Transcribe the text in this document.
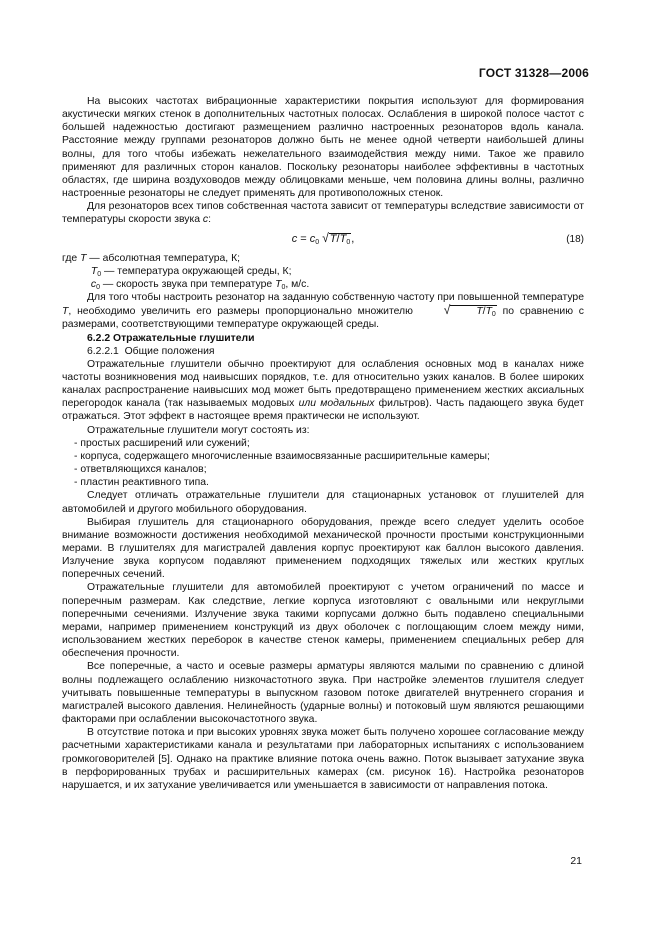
ГОСТ 31328—2006

На высоких частотах вибрационные характеристики покрытия используют для формирования акустически мягких стенок в дополнительных частотных полосах. Ослабления в широкой полосе частот с большей надежностью достигают размещением различно настроенных резонаторов вдоль канала. Расстояние между группами резонаторов должно быть не менее одной четверти наибольшей длины волны, для того чтобы избежать нежелательного взаимодействия между ними. Такое же правило применяют для различных сторон каналов. Поскольку резонаторы наиболее эффективны в частотных областях, где ширина воздуховодов между облицовками меньше, чем половина длины волны, различно настроенные резонаторы не следует применять для противоположных стенок.

Для резонаторов всех типов собственная частота зависит от температуры вследствие зависимости от температуры скорости звука c:

$c = c_0$ $√T/T_0$,	(18)

где T — абсолютная температура, К;

$T_0$ — температура окружающей среды, К;

$c_0$ — скорость звука при температуре $T_0$, м/с.

Для того чтобы настроить резонатор на заданную собственную частоту при повышенной температуре T, необходимо увеличить его размеры пропорционально множителю √	$T/T_0$ по сравнению с размерами, соответствующими температуре окружающей среды.

6.2.2 Отражательные глушители

6.2.2.1 Общие положения

Отражательные глушители обычно проектируют для ослабления основных мод в каналах ниже частоты возникновения мод наивысших порядков, т.е. для относительно узких каналов. В более широких каналах распространение наивысших мод может быть предотвращено применением жестких аксиальных перегородок канала (так называемых модовых или модальных фильтров). Часть падающего звука будет отражаться. Этот эффект в настоящее время практически не используют.

Отражательные глушители могут состоять из:

- простых расширений или сужений;

- корпуса, содержащего многочисленные взаимосвязанные расширительные камеры;

- ответвляющихся каналов;

- пластин реактивного типа.

Следует отличать отражательные глушители для стационарных установок от глушителей для автомобилей и другого мобильного оборудования.

Выбирая глушитель для стационарного оборудования, прежде всего следует уделить особое внимание возможности достижения необходимой механической прочности простыми конструкционными мерами. В глушителях для магистралей давления корпус проектируют как баллон высокого давления. Излучение звука корпусом подавляют применением подходящих тяжелых или жестких круглых поперечных сечений.

Отражательные глушители для автомобилей проектируют с учетом ограничений по массе и поперечным размерам. Как следствие, легкие корпуса изготовляют с овальными или некруглыми поперечными сечениями. Излучение звука такими корпусами должно быть подавлено специальными мерами, например применением конструкций из двух оболочек с поглощающим слоем между ними, использованием жестких переборок в качестве стенок камеры, применением специальных ребер для обеспечения прочности.

Все поперечные, а часто и осевые размеры арматуры являются малыми по сравнению с длиной волны подлежащего ослаблению низкочастотного звука. При настройке элементов глушителя следует учитывать повышенные температуры в выпускном газовом потоке двигателей внутреннего сгорания и магистралей высокого давления. Нелинейность (ударные волны) и потоковый шум являются решающими факторами при ослаблении высокочастотного звука.

В отсутствие потока и при высоких уровнях звука может быть получено хорошее согласование между расчетными характеристиками канала и результатами при лабораторных испытаниях с использованием громкоговорителей [5]. Однако на практике влияние потока очень важно. Поток вызывает затухание звука в перфорированных трубах и расширительных камерах (см. рисунок 16). Настройка резонаторов нарушается, и их затухание увеличивается или уменьшается в зависимости от направления потока.

21
